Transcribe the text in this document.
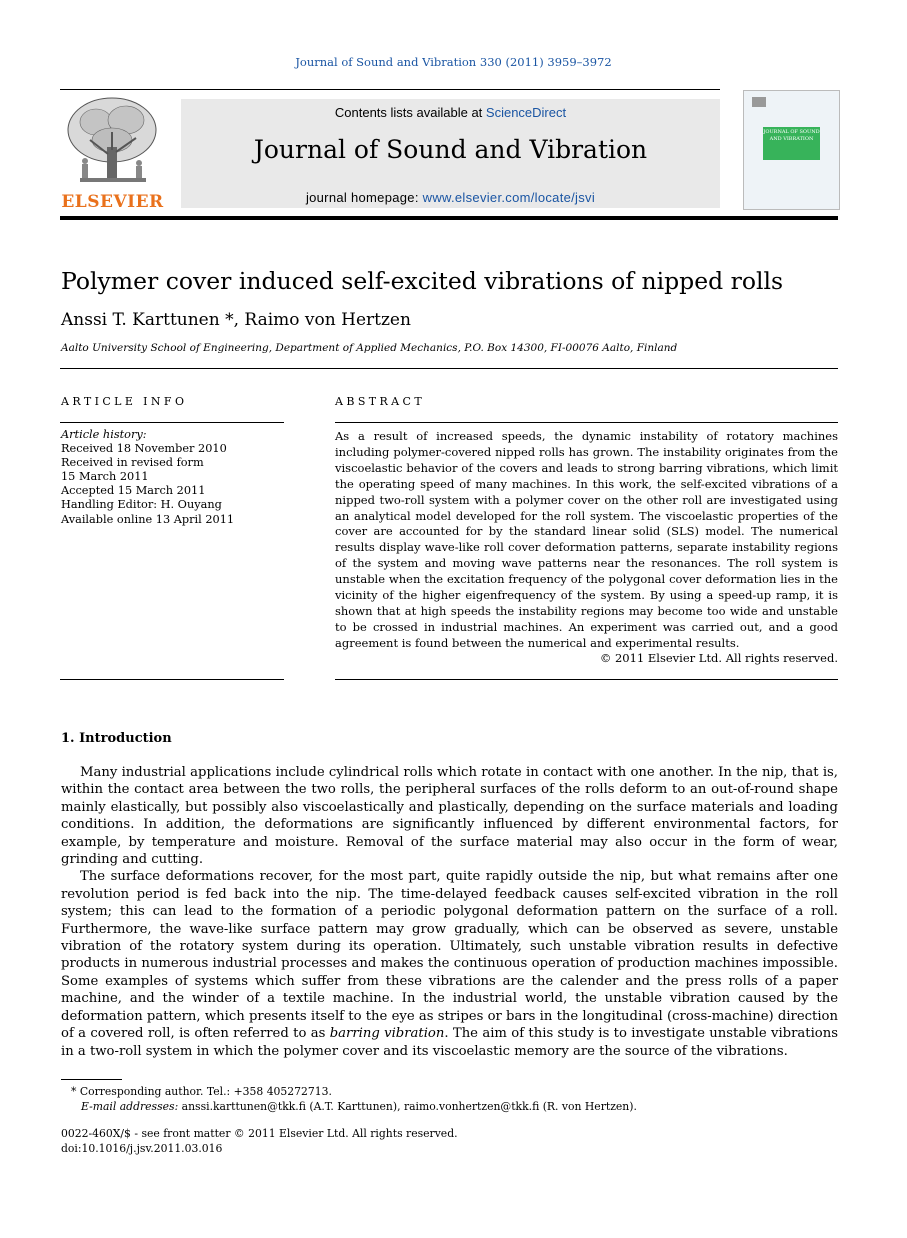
Journal of Sound and Vibration 330 (2011) 3959–3972
ELSEVIER
Contents lists available at ScienceDirect
Journal of Sound and Vibration
journal homepage: www.elsevier.com/locate/jsvi
JOURNAL OF SOUND AND VIBRATION
Polymer cover induced self-excited vibrations of nipped rolls
Anssi T. Karttunen *, Raimo von Hertzen
Aalto University School of Engineering, Department of Applied Mechanics, P.O. Box 14300, FI-00076 Aalto, Finland
ARTICLE INFO	ABSTRACT
Article history:
Received 18 November 2010
Received in revised form
15 March 2011
Accepted 15 March 2011
Handling Editor: H. Ouyang
Available online 13 April 2011
As a result of increased speeds, the dynamic instability of rotatory machines including polymer-covered nipped rolls has grown. The instability originates from the viscoelastic behavior of the covers and leads to strong barring vibrations, which limit the operating speed of many machines. In this work, the self-excited vibrations of a nipped two-roll system with a polymer cover on the other roll are investigated using an analytical model developed for the roll system. The viscoelastic properties of the cover are accounted for by the standard linear solid (SLS) model. The numerical results display wave-like roll cover deformation patterns, separate instability regions of the system and moving wave patterns near the resonances. The roll system is unstable when the excitation frequency of the polygonal cover deformation lies in the vicinity of the higher eigenfrequency of the system. By using a speed-up ramp, it is shown that at high speeds the instability regions may become too wide and unstable to be crossed in industrial machines. An experiment was carried out, and a good agreement is found between the numerical and experimental results.
© 2011 Elsevier Ltd. All rights reserved.
1. Introduction

Many industrial applications include cylindrical rolls which rotate in contact with one another. In the nip, that is, within the contact area between the two rolls, the peripheral surfaces of the rolls deform to an out-of-round shape mainly elastically, but possibly also viscoelastically and plastically, depending on the surface materials and loading conditions. In addition, the deformations are significantly influenced by different environmental factors, for example, by temperature and moisture. Removal of the surface material may also occur in the form of wear, grinding and cutting.

The surface deformations recover, for the most part, quite rapidly outside the nip, but what remains after one revolution period is fed back into the nip. The time-delayed feedback causes self-excited vibration in the roll system; this can lead to the formation of a periodic polygonal deformation pattern on the surface of a roll. Furthermore, the wave-like surface pattern may grow gradually, which can be observed as severe, unstable vibration of the rotatory system during its operation. Ultimately, such unstable vibration results in defective products in numerous industrial processes and makes the continuous operation of production machines impossible. Some examples of systems which suffer from these vibrations are the calender and the press rolls of a paper machine, and the winder of a textile machine. In the industrial world, the unstable vibration caused by the deformation pattern, which presents itself to the eye as stripes or bars in the longitudinal (cross-machine) direction of a covered roll, is often referred to as barring vibration. The aim of this study is to investigate unstable vibrations in a two-roll system in which the polymer cover and its viscoelastic memory are the source of the vibrations.

* Corresponding author. Tel.: +358 405272713.
E-mail addresses: anssi.karttunen@tkk.fi (A.T. Karttunen), raimo.vonhertzen@tkk.fi (R. von Hertzen).
0022-460X/$ - see front matter © 2011 Elsevier Ltd. All rights reserved.
doi:10.1016/j.jsv.2011.03.016
